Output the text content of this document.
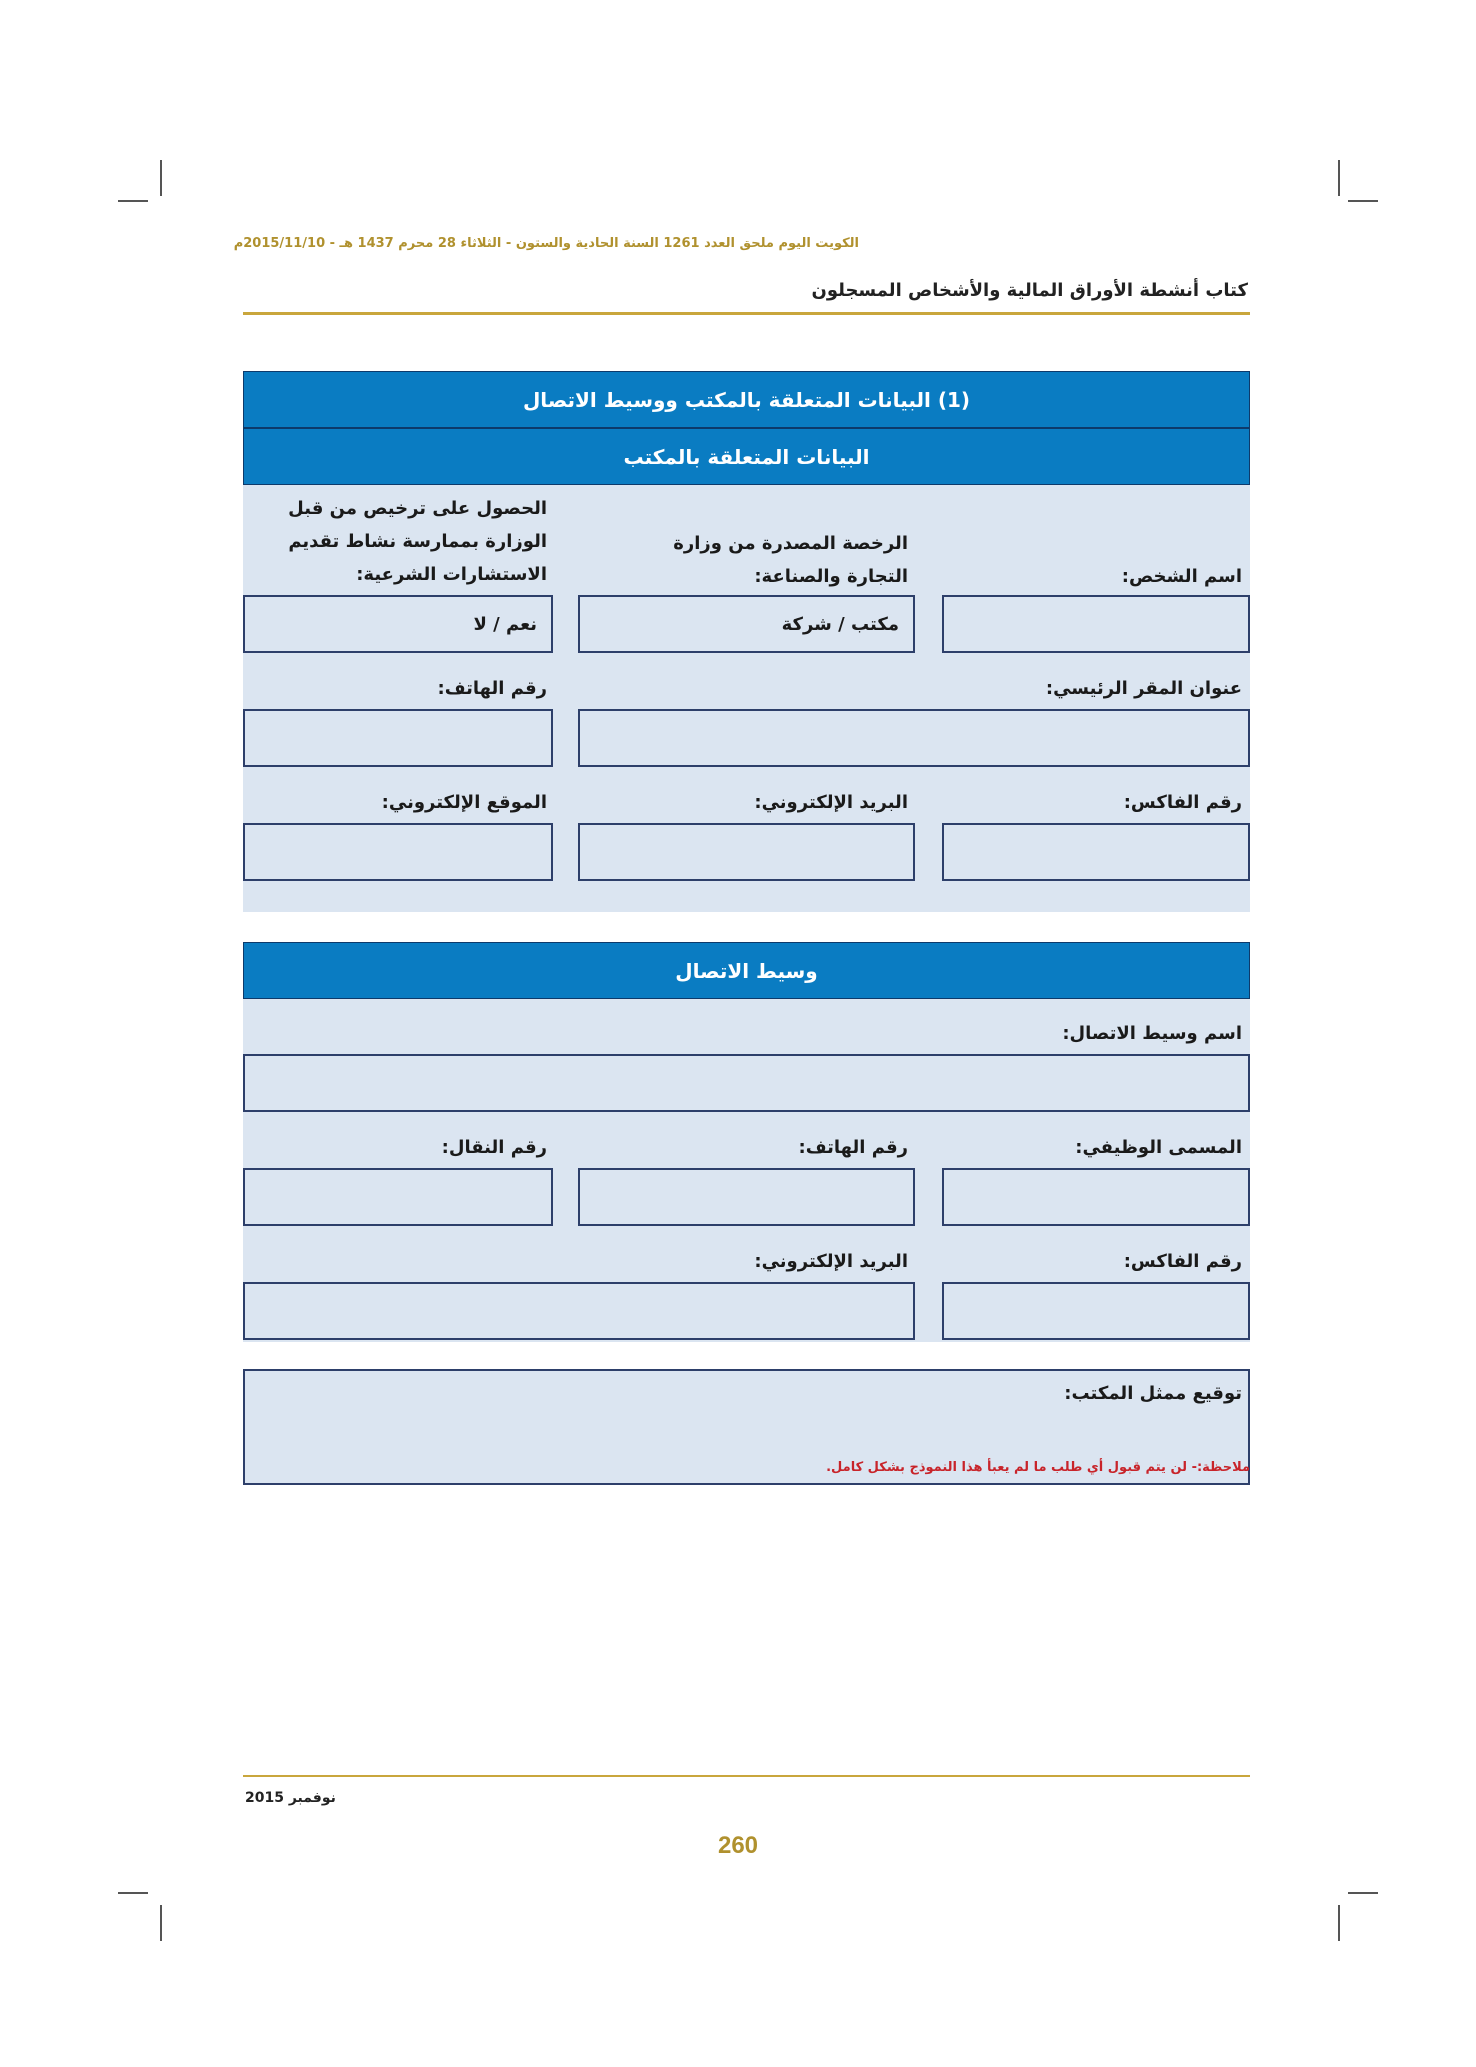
الكويت اليوم ملحق العدد 1261 السنة الحادية والستون - الثلاثاء 28 محرم 1437 هـ - 2015/11/10م
كتاب أنشطة الأوراق المالية والأشخاص المسجلون
(1) البيانات المتعلقة بالمكتب ووسيط الاتصال
البيانات المتعلقة بالمكتب
اسم الشخص:
الرخصة المصدرة من وزارة التجارة والصناعة:
الحصول على ترخيص من قبل الوزارة بممارسة نشاط تقديم الاستشارات الشرعية:
مكتب / شركة
نعم / لا
عنوان المقر الرئيسي:
رقم الهاتف:
رقم الفاكس:
البريد الإلكتروني:
الموقع الإلكتروني:
وسيط الاتصال
اسم وسيط الاتصال:
المسمى الوظيفي:
رقم الهاتف:
رقم النقال:
رقم الفاكس:
البريد الإلكتروني:
توقيع ممثل المكتب:
ملاحظة:- لن يتم قبول أي طلب ما لم يعبأ هذا النموذج بشكل كامل.
نوفمبر 2015
260
